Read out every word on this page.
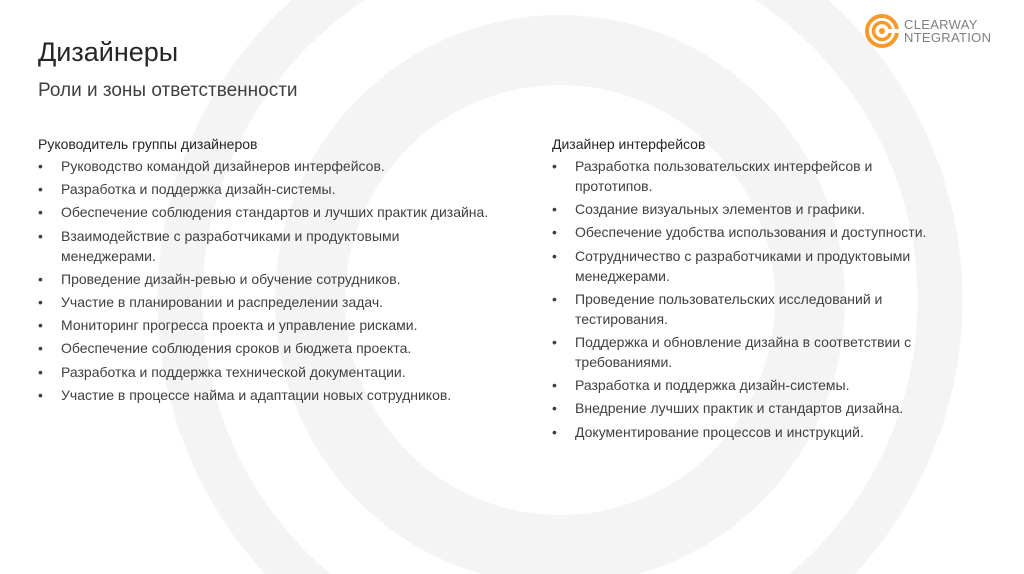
CLEARWAY
NTEGRATION
Дизайнеры
Роли и зоны ответственности
Руководитель группы дизайнеров
• Руководство командой дизайнеров интерфейсов.
• Разработка и поддержка дизайн-системы.
• Обеспечение соблюдения стандартов и лучших практик дизайна.
• Взаимодействие с разработчиками и продуктовыми менеджерами.
• Проведение дизайн-ревью и обучение сотрудников.
• Участие в планировании и распределении задач.
• Мониторинг прогресса проекта и управление рисками.
• Обеспечение соблюдения сроков и бюджета проекта.
• Разработка и поддержка технической документации.
• Участие в процессе найма и адаптации новых сотрудников.
Дизайнер интерфейсов
• Разработка пользовательских интерфейсов и прототипов.
• Создание визуальных элементов и графики.
• Обеспечение удобства использования и доступности.
• Сотрудничество с разработчиками и продуктовыми менеджерами.
• Проведение пользовательских исследований и тестирования.
• Поддержка и обновление дизайна в соответствии с требованиями.
• Разработка и поддержка дизайн-системы.
• Внедрение лучших практик и стандартов дизайна.
• Документирование процессов и инструкций.
